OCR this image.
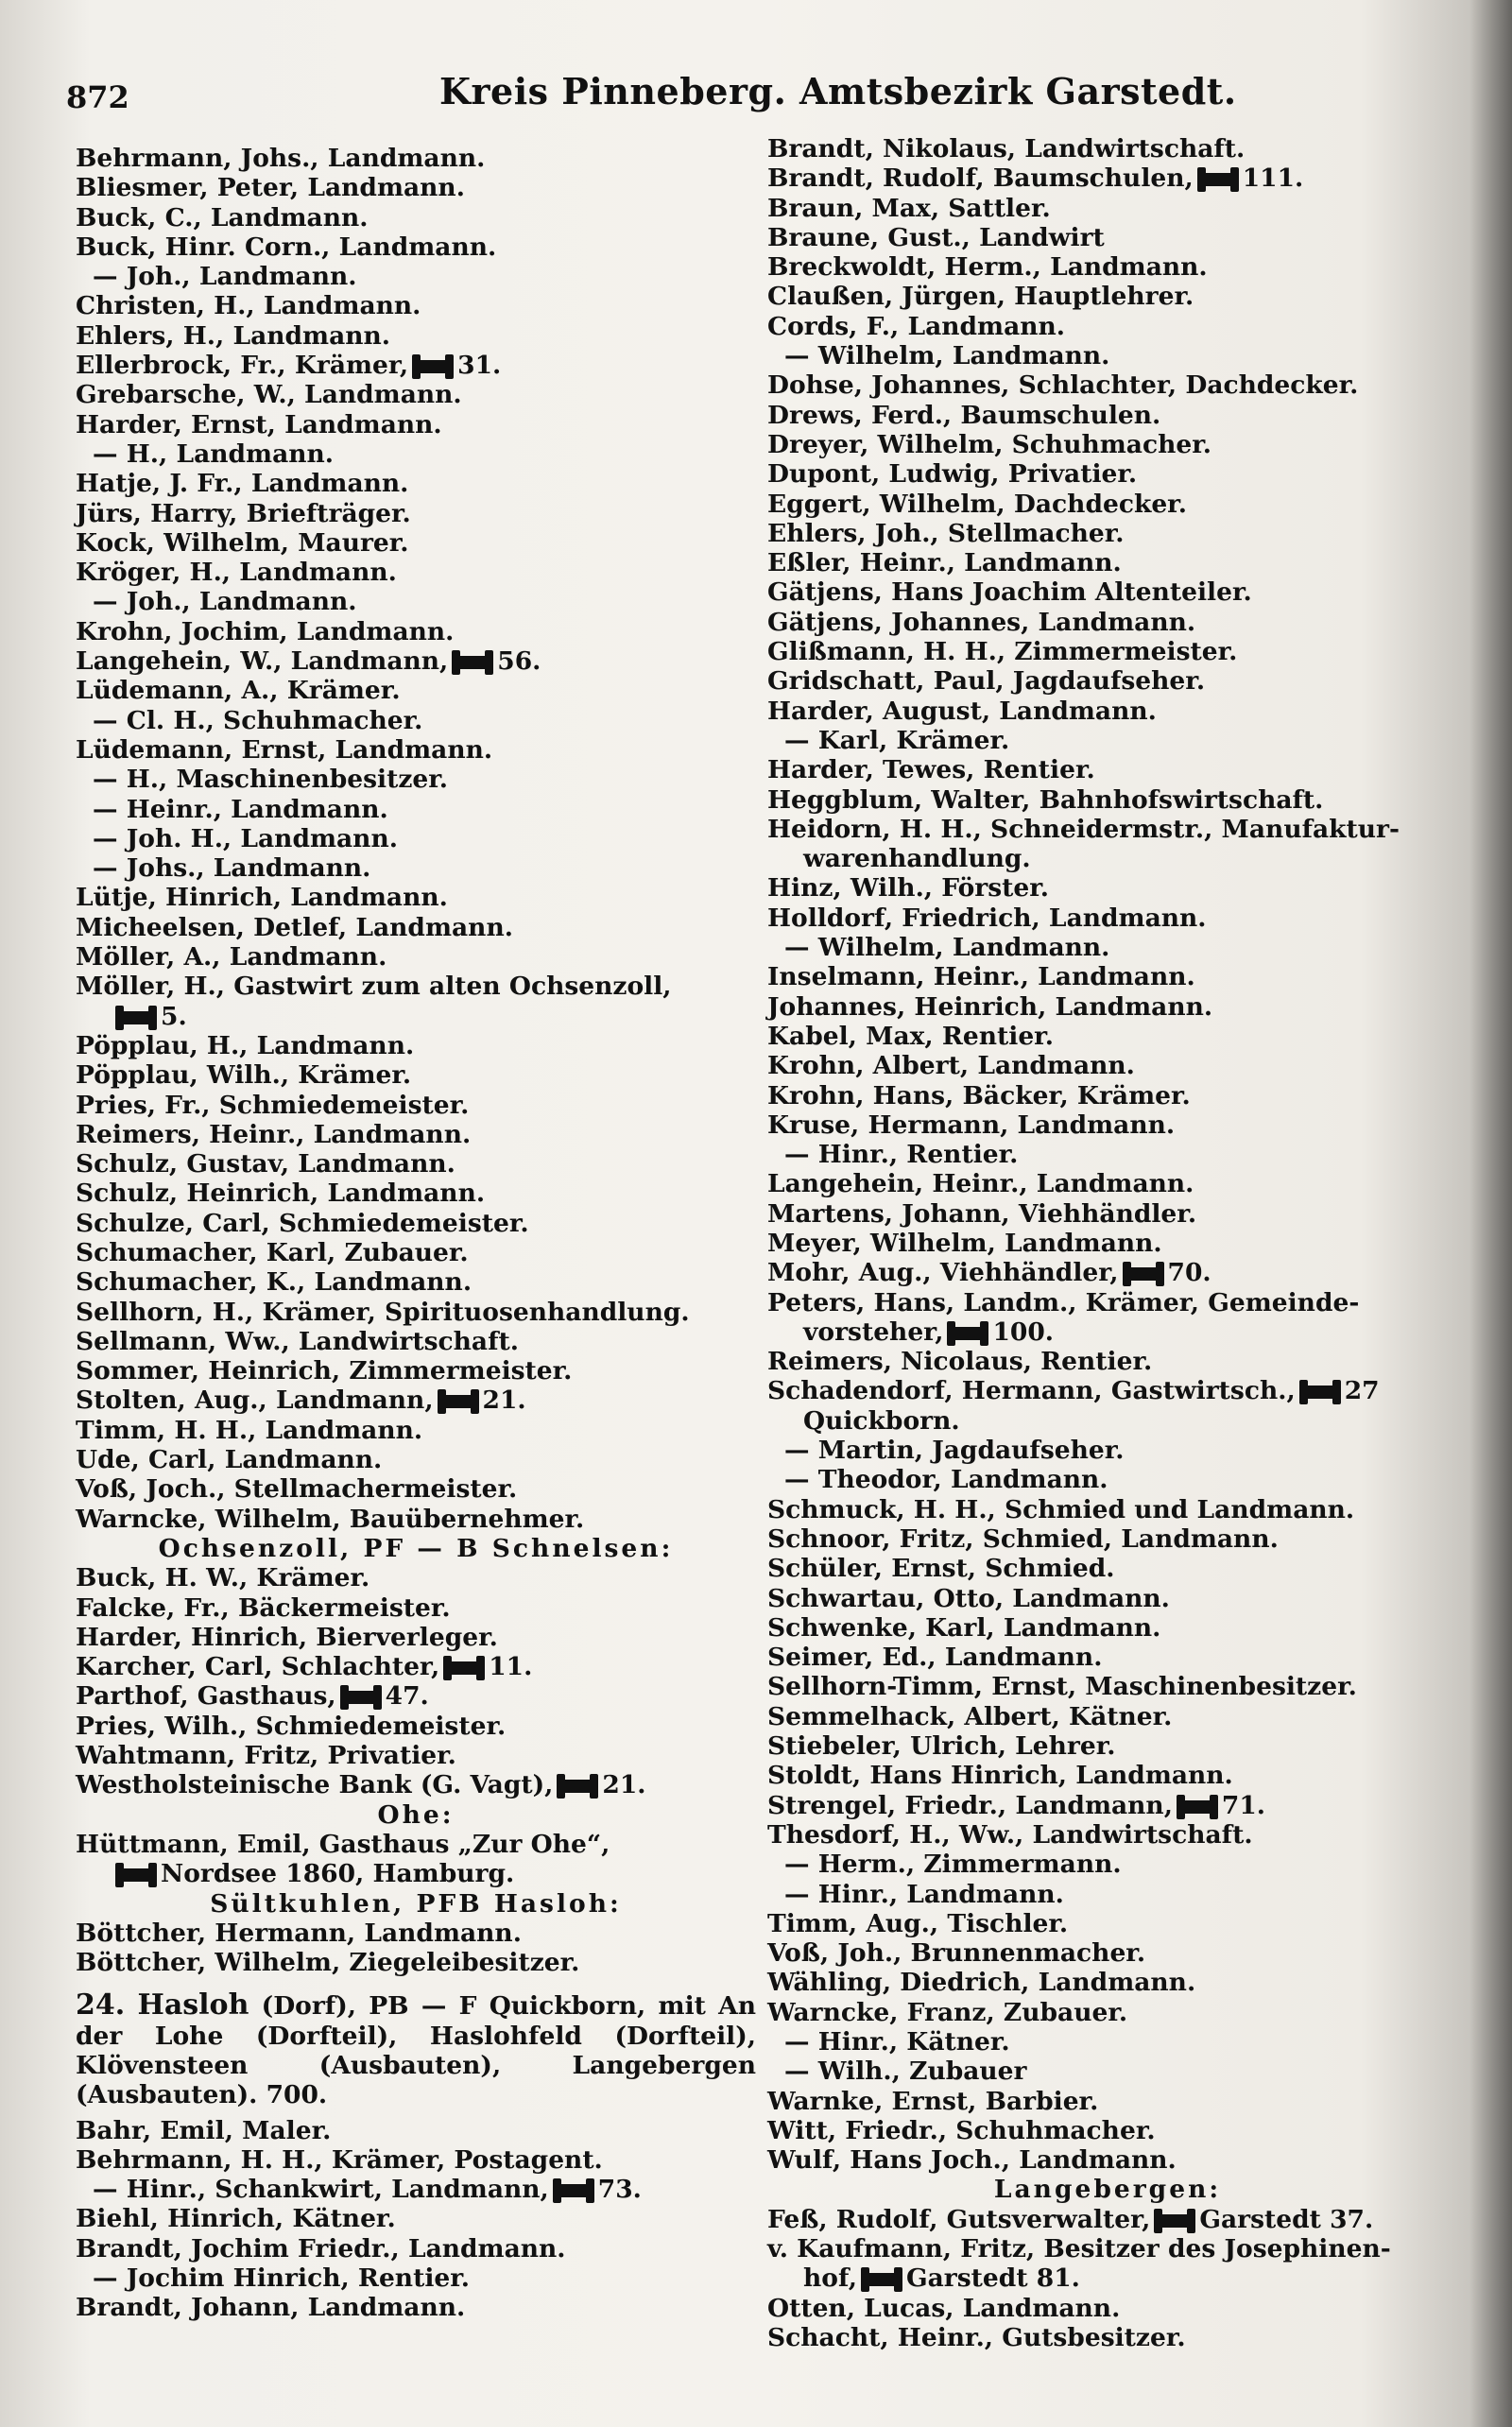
872	Kreis Pinneberg. Amtsbezirk Garstedt.
Behrmann, Johs., Landmann.
Bliesmer, Peter, Landmann.
Buck, C., Landmann.
Buck, Hinr. Corn., Landmann.
— Joh., Landmann.
Christen, H., Landmann.
Ehlers, H., Landmann.
Ellerbrock, Fr., Krämer, 31.
Grebarsche, W., Landmann.
Harder, Ernst, Landmann.
— H., Landmann.
Hatje, J. Fr., Landmann.
Jürs, Harry, Briefträger.
Kock, Wilhelm, Maurer.
Kröger, H., Landmann.
— Joh., Landmann.
Krohn, Jochim, Landmann.
Langehein, W., Landmann, 56.
Lüdemann, A., Krämer.
— Cl. H., Schuhmacher.
Lüdemann, Ernst, Landmann.
— H., Maschinenbesitzer.
— Heinr., Landmann.
— Joh. H., Landmann.
— Johs., Landmann.
Lütje, Hinrich, Landmann.
Micheelsen, Detlef, Landmann.
Möller, A., Landmann.
Möller, H., Gastwirt zum alten Ochsenzoll,
5.
Pöpplau, H., Landmann.
Pöpplau, Wilh., Krämer.
Pries, Fr., Schmiedemeister.
Reimers, Heinr., Landmann.
Schulz, Gustav, Landmann.
Schulz, Heinrich, Landmann.
Schulze, Carl, Schmiedemeister.
Schumacher, Karl, Zubauer.
Schumacher, K., Landmann.
Sellhorn, H., Krämer, Spirituosenhandlung.
Sellmann, Ww., Landwirtschaft.
Sommer, Heinrich, Zimmermeister.
Stolten, Aug., Landmann, 21.
Timm, H. H., Landmann.
Ude, Carl, Landmann.
Voß, Joch., Stellmachermeister.
Warncke, Wilhelm, Bauübernehmer.
Ochsenzoll, PF — B Schnelsen:
Buck, H. W., Krämer.
Falcke, Fr., Bäckermeister.
Harder, Hinrich, Bierverleger.
Karcher, Carl, Schlachter, 11.
Parthof, Gasthaus, 47.
Pries, Wilh., Schmiedemeister.
Wahtmann, Fritz, Privatier.
Westholsteinische Bank (G. Vagt), 21.
Ohe:
Hüttmann, Emil, Gasthaus „Zur Ohe“,
Nordsee 1860, Hamburg.
Sültkuhlen, PFB Hasloh:
Böttcher, Hermann, Landmann.
Böttcher, Wilhelm, Ziegeleibesitzer.
24. Hasloh (Dorf), PB — F Quickborn, mit An der Lohe (Dorfteil), Haslohfeld (Dorfteil), Klövensteen (Ausbauten), Langebergen (Ausbauten). 700.
Bahr, Emil, Maler.
Behrmann, H. H., Krämer, Postagent.
— Hinr., Schankwirt, Landmann, 73.
Biehl, Hinrich, Kätner.
Brandt, Jochim Friedr., Landmann.
— Jochim Hinrich, Rentier.
Brandt, Johann, Landmann.
Brandt, Nikolaus, Landwirtschaft.
Brandt, Rudolf, Baumschulen, 111.
Braun, Max, Sattler.
Braune, Gust., Landwirt
Breckwoldt, Herm., Landmann.
Claußen, Jürgen, Hauptlehrer.
Cords, F., Landmann.
— Wilhelm, Landmann.
Dohse, Johannes, Schlachter, Dachdecker.
Drews, Ferd., Baumschulen.
Dreyer, Wilhelm, Schuhmacher.
Dupont, Ludwig, Privatier.
Eggert, Wilhelm, Dachdecker.
Ehlers, Joh., Stellmacher.
Eßler, Heinr., Landmann.
Gätjens, Hans Joachim Altenteiler.
Gätjens, Johannes, Landmann.
Glißmann, H. H., Zimmermeister.
Gridschatt, Paul, Jagdaufseher.
Harder, August, Landmann.
— Karl, Krämer.
Harder, Tewes, Rentier.
Heggblum, Walter, Bahnhofswirtschaft.
Heidorn, H. H., Schneidermstr., Manufaktur-
warenhandlung.
Hinz, Wilh., Förster.
Holldorf, Friedrich, Landmann.
— Wilhelm, Landmann.
Inselmann, Heinr., Landmann.
Johannes, Heinrich, Landmann.
Kabel, Max, Rentier.
Krohn, Albert, Landmann.
Krohn, Hans, Bäcker, Krämer.
Kruse, Hermann, Landmann.
— Hinr., Rentier.
Langehein, Heinr., Landmann.
Martens, Johann, Viehhändler.
Meyer, Wilhelm, Landmann.
Mohr, Aug., Viehhändler, 70.
Peters, Hans, Landm., Krämer, Gemeinde-
vorsteher, 100.
Reimers, Nicolaus, Rentier.
Schadendorf, Hermann, Gastwirtsch., 27
Quickborn.
— Martin, Jagdaufseher.
— Theodor, Landmann.
Schmuck, H. H., Schmied und Landmann.
Schnoor, Fritz, Schmied, Landmann.
Schüler, Ernst, Schmied.
Schwartau, Otto, Landmann.
Schwenke, Karl, Landmann.
Seimer, Ed., Landmann.
Sellhorn-Timm, Ernst, Maschinenbesitzer.
Semmelhack, Albert, Kätner.
Stiebeler, Ulrich, Lehrer.
Stoldt, Hans Hinrich, Landmann.
Strengel, Friedr., Landmann, 71.
Thesdorf, H., Ww., Landwirtschaft.
— Herm., Zimmermann.
— Hinr., Landmann.
Timm, Aug., Tischler.
Voß, Joh., Brunnenmacher.
Wähling, Diedrich, Landmann.
Warncke, Franz, Zubauer.
— Hinr., Kätner.
— Wilh., Zubauer
Warnke, Ernst, Barbier.
Witt, Friedr., Schuhmacher.
Wulf, Hans Joch., Landmann.
Langebergen:
Feß, Rudolf, Gutsverwalter, Garstedt 37.
v. Kaufmann, Fritz, Besitzer des Josephinen-
hof, Garstedt 81.
Otten, Lucas, Landmann.
Schacht, Heinr., Gutsbesitzer.
